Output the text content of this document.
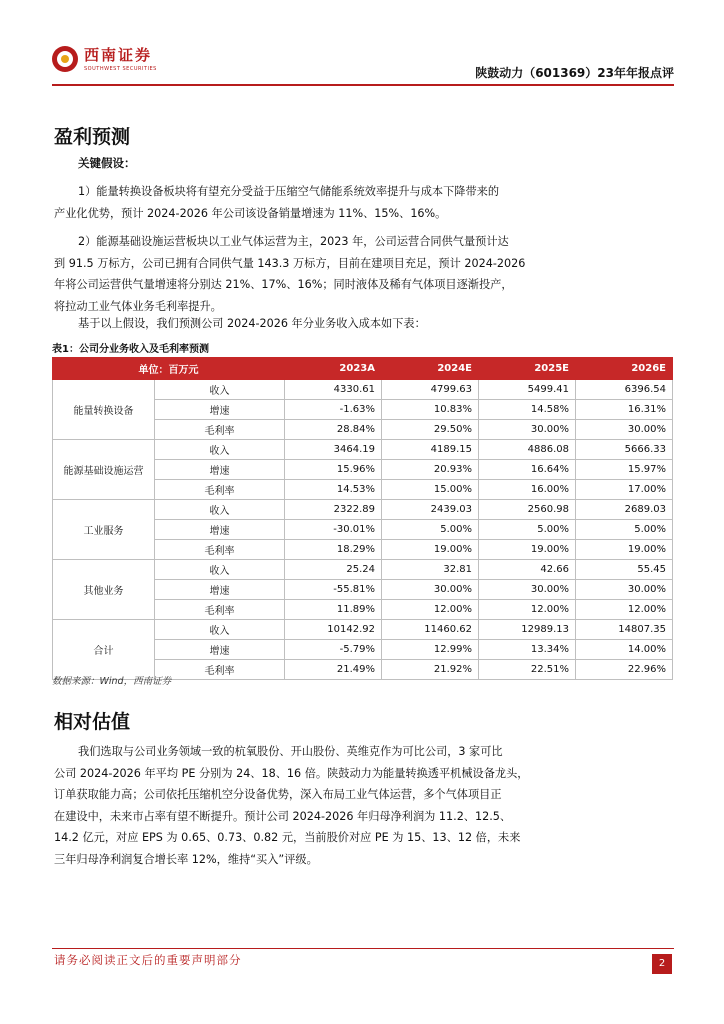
西南证券
SOUTHWEST SECURITIES	陕鼓动力（601369）23年年报点评
盈利预测
关键假设：
1）能量转换设备板块将有望充分受益于压缩空气储能系统效率提升与成本下降带来的
产业化优势，预计 2024-2026 年公司该设备销量增速为 11%、15%、16%。
2）能源基础设施运营板块以工业气体运营为主，2023 年，公司运营合同供气量预计达
到 91.5 万标方，公司已拥有合同供气量 143.3 万标方，目前在建项目充足，预计 2024-2026
年将公司运营供气量增速将分别达 21%、17%、16%；同时液体及稀有气体项目逐渐投产，
将拉动工业气体业务毛利率提升。
基于以上假设，我们预测公司 2024-2026 年分业务收入成本如下表：
表1：公司分业务收入及毛利率预测
单位：百万元		2023A	2024E	2025E	2026E
能量转换设备	收入	4330.61	4799.63	5499.41	6396.54
	增速	-1.63%	10.83%	14.58%	16.31%
	毛利率	28.84%	29.50%	30.00%	30.00%
能源基础设施运营	收入	3464.19	4189.15	4886.08	5666.33
	增速	15.96%	20.93%	16.64%	15.97%
	毛利率	14.53%	15.00%	16.00%	17.00%
工业服务	收入	2322.89	2439.03	2560.98	2689.03
	增速	-30.01%	5.00%	5.00%	5.00%
	毛利率	18.29%	19.00%	19.00%	19.00%
其他业务	收入	25.24	32.81	42.66	55.45
	增速	-55.81%	30.00%	30.00%	30.00%
	毛利率	11.89%	12.00%	12.00%	12.00%
合计	收入	10142.92	11460.62	12989.13	14807.35
	增速	-5.79%	12.99%	13.34%	14.00%
	毛利率	21.49%	21.92%	22.51%	22.96%
数据来源：Wind，西南证券
相对估值
我们选取与公司业务领域一致的杭氧股份、开山股份、英维克作为可比公司，3 家可比
公司 2024-2026 年平均 PE 分别为 24、18、16 倍。陕鼓动力为能量转换透平机械设备龙头，
订单获取能力高；公司依托压缩机空分设备优势，深入布局工业气体运营，多个气体项目正
在建设中，未来市占率有望不断提升。预计公司 2024-2026 年归母净利润为 11.2、12.5、
14.2 亿元，对应 EPS 为 0.65、0.73、0.82 元，当前股价对应 PE 为 15、13、12 倍，未来
三年归母净利润复合增长率 12%，维持“买入”评级。
请务必阅读正文后的重要声明部分	2
